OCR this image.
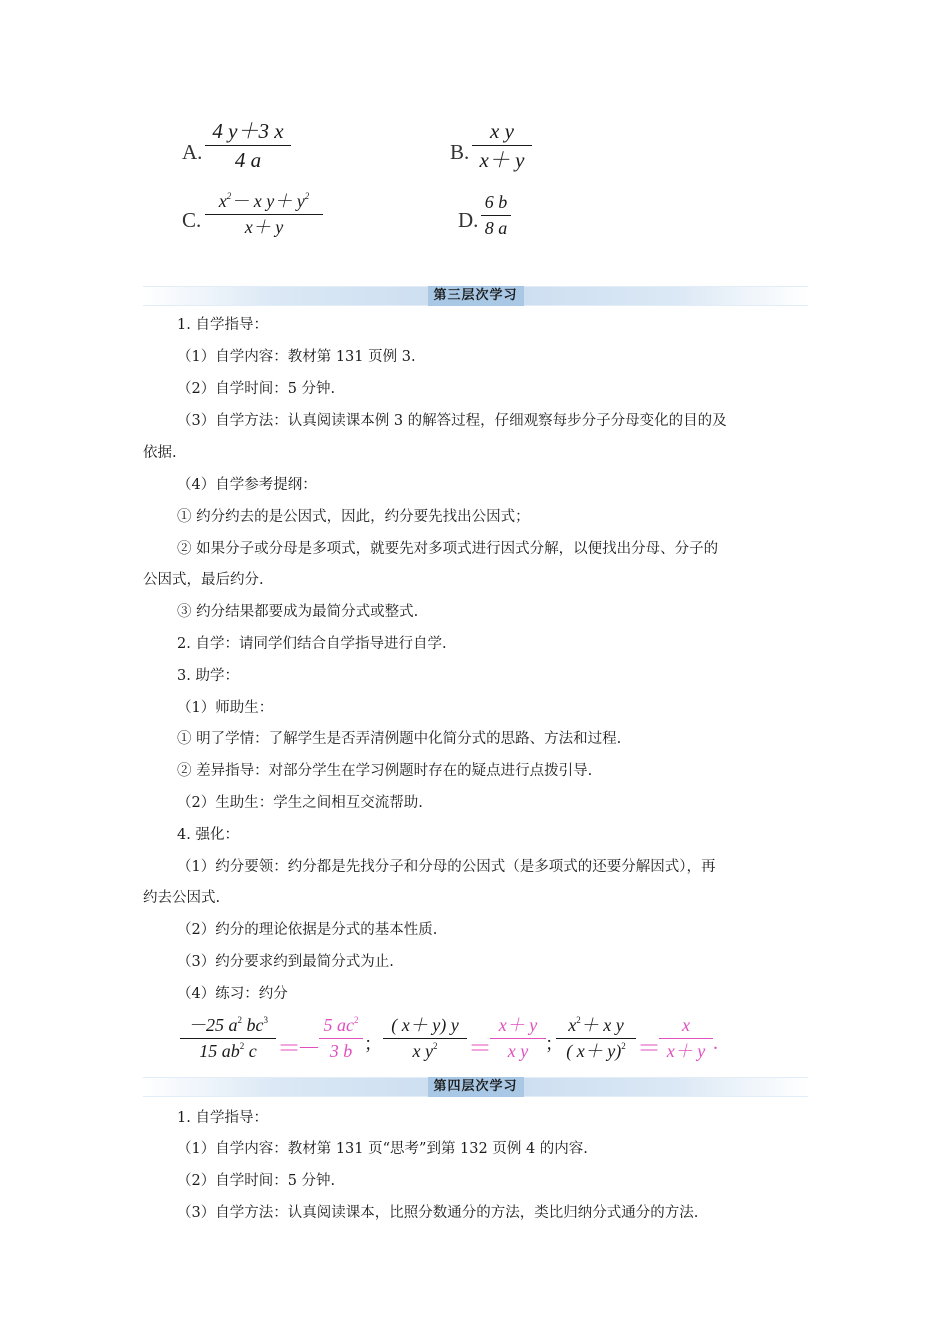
A.
4 y＋3 x
4 a	B.
x y
x＋ y
C.
$x^2- x$ $y+ y^2$
x＋ y	D.
6 b
8 a
第三层次学习
1. 自学指导：
（1）自学内容：教材第 131 页例 3.
（2）自学时间：5 分钟.
（3）自学方法：认真阅读课本例 3 的解答过程，仔细观察每步分子分母变化的目的及
依据.
（4）自学参考提纲：
① 约分约去的是公因式，因此，约分要先找出公因式；
② 如果分子或分母是多项式，就要先对多项式进行因式分解，以便找出分母、分子的
公因式，最后约分.
③ 约分结果都要成为最简分式或整式.
2. 自学：请同学们结合自学指导进行自学.
3. 助学：
（1）师助生：
① 明了学情：了解学生是否弄清例题中化简分式的思路、方法和过程.
② 差异指导：对部分学生在学习例题时存在的疑点进行点拨引导.
（2）生助生：学生之间相互交流帮助.
4. 强化：
（1）约分要领：约分都是先找分子和分母的公因式（是多项式的还要分解因式），再
约去公因式.
（2）约分的理论依据是分式的基本性质.
（3）约分要求约到最简分式为止.
（4）练习：约分
－25 $a^2$ $bc^3$
15 $ab^2$ c ＝
－
5 $ac^2$
3 b ；
( x＋ y) y
x $y^2$	＝
x＋ y
x y ；
$x^2+ x$ y
( x＋ y)$^2$ ＝
x
x＋ y .
第四层次学习
1. 自学指导：
（1）自学内容：教材第 131 页“思考”到第 132 页例 4 的内容.
（2）自学时间：5 分钟.
（3）自学方法：认真阅读课本，比照分数通分的方法，类比归纳分式通分的方法.
